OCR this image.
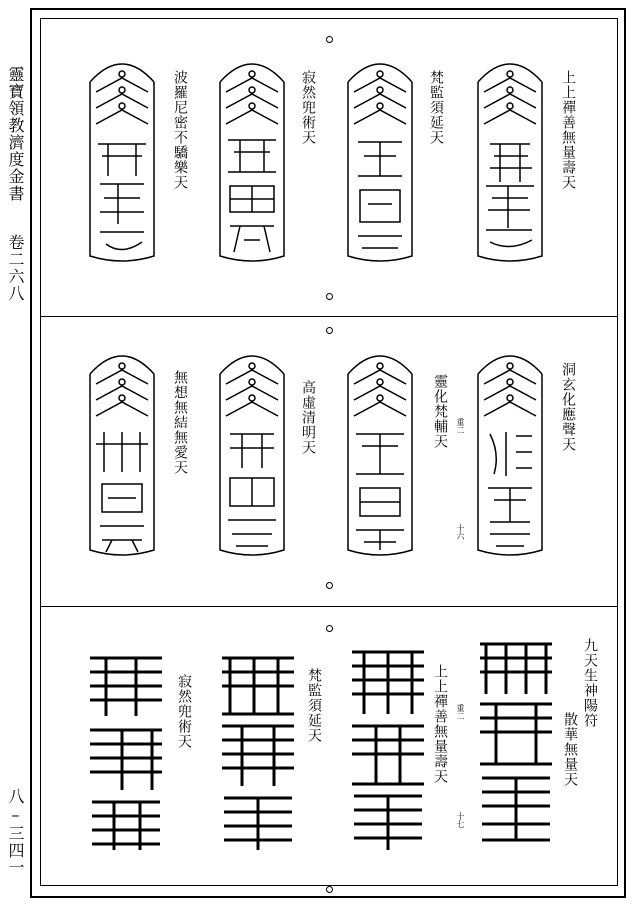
靈寶領教濟度金書
卷二六八
八–三四一
上上禪善無量壽天
梵監須延天
寂然兜術天
波羅尼密不驕樂天
洞玄化應聲天
靈化梵輔天 重二
十六
高虛清明天
無想無結無愛天
九天生神陽符
散華無量天
上上禪善無量壽天 重二
十七
梵監須延天
寂然兜術天
